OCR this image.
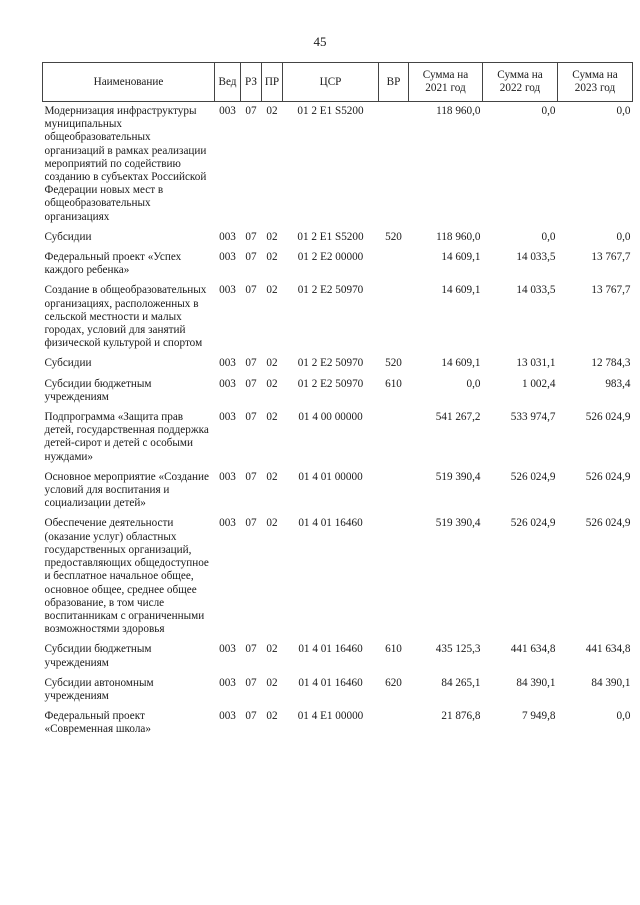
45
Наименование	Вед	РЗ	ПР	ЦСР	ВР	Сумма на 2021 год	Сумма на 2022 год	Сумма на 2023 год
Модернизация инфраструктуры муниципальных общеобразовательных организаций в рамках реализации мероприятий по содействию созданию в субъектах Российской Федерации новых мест в общеобразовательных организациях	003	07	02	01 2 E1 S5200		118 960,0	0,0	0,0
Субсидии	003	07	02	01 2 E1 S5200	520	118 960,0	0,0	0,0
Федеральный проект «Успех каждого ребенка»	003	07	02	01 2 E2 00000		14 609,1	14 033,5	13 767,7
Создание в общеобразовательных организациях, расположенных в сельской местности и малых городах, условий для занятий физической культурой и спортом	003	07	02	01 2 E2 50970		14 609,1	14 033,5	13 767,7
Субсидии	003	07	02	01 2 E2 50970	520	14 609,1	13 031,1	12 784,3
Субсидии бюджетным учреждениям	003	07	02	01 2 E2 50970	610	0,0	1 002,4	983,4
Подпрограмма «Защита прав детей, государственная поддержка детей-сирот и детей с особыми нуждами»	003	07	02	01 4 00 00000		541 267,2	533 974,7	526 024,9
Основное мероприятие «Создание условий для воспитания и социализации детей»	003	07	02	01 4 01 00000		519 390,4	526 024,9	526 024,9
Обеспечение деятельности (оказание услуг) областных государственных организаций, предоставляющих общедоступное и бесплатное начальное общее, основное общее, среднее общее образование, в том числе воспитанникам с ограниченными возможностями здоровья	003	07	02	01 4 01 16460		519 390,4	526 024,9	526 024,9
Субсидии бюджетным учреждениям	003	07	02	01 4 01 16460	610	435 125,3	441 634,8	441 634,8
Субсидии автономным учреждениям	003	07	02	01 4 01 16460	620	84 265,1	84 390,1	84 390,1
Федеральный проект «Современная школа»	003	07	02	01 4 E1 00000		21 876,8	7 949,8	0,0
